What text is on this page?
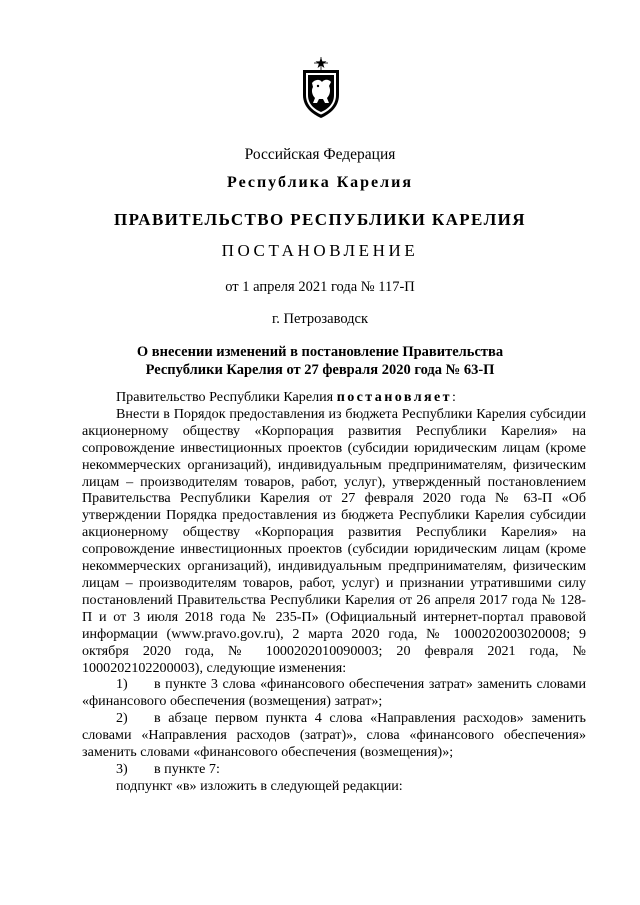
Российская Федерация
Республика Карелия
ПРАВИТЕЛЬСТВО РЕСПУБЛИКИ КАРЕЛИЯ
ПОСТАНОВЛЕНИЕ
от 1 апреля 2021 года № 117-П
г. Петрозаводск
О внесении изменений в постановление Правительства
Республики Карелия от 27 февраля 2020 года № 63-П

Правительство Республики Карелия постановляет:

Внести в Порядок предоставления из бюджета Республики Карелия субсидии акционерному обществу «Корпорация развития Республики Карелия» на сопровождение инвестиционных проектов (субсидии юридическим лицам (кроме некоммерческих организаций), индивидуальным предпринимателям, физическим лицам – производителям товаров, работ, услуг), утвержденный постановлением Правительства Республики Карелия от 27 февраля 2020 года № 63-П «Об утверждении Порядка предоставления из бюджета Республики Карелия субсидии акционерному обществу «Корпорация развития Республики Карелия» на сопровождение инвестиционных проектов (субсидии юридическим лицам (кроме некоммерческих организаций), индивидуальным предпринимателям, физическим лицам – производителям товаров, работ, услуг) и признании утратившими силу постановлений Правительства Республики Карелия от 26 апреля 2017 года № 128-П и от 3 июля 2018 года № 235-П» (Официальный интернет-портал правовой информации (www.pravo.gov.ru), 2 марта 2020 года, № 1000202003020008; 9 октября 2020 года, № 1000202010090003; 20 февраля 2021 года, № 1000202102200003), следующие изменения:

1) в пункте 3 слова «финансового обеспечения затрат» заменить словами «финансового обеспечения (возмещения) затрат»;

2) в абзаце первом пункта 4 слова «Направления расходов» заменить словами «Направления расходов (затрат)», слова «финансового обеспечения» заменить словами «финансового обеспечения (возмещения)»;

3) в пункте 7:

подпункт «в» изложить в следующей редакции:
